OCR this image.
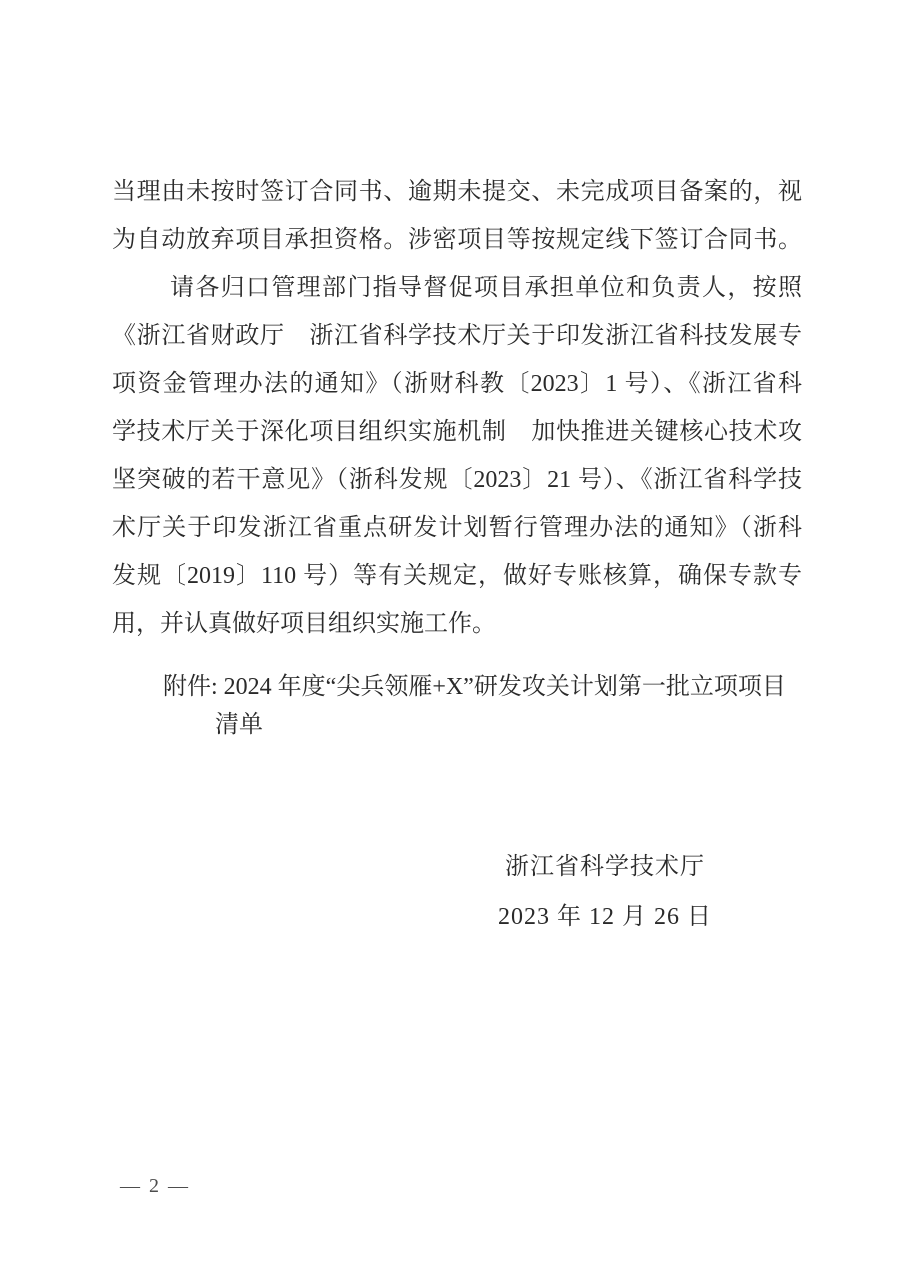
当理由未按时签订合同书、逾期未提交、未完成项目备案的，视
为自动放弃项目承担资格。涉密项目等按规定线下签订合同书。
请各归口管理部门指导督促项目承担单位和负责人，按照
《浙江省财政厅　浙江省科学技术厅关于印发浙江省科技发展专
项资金管理办法的通知》（浙财科教〔2023〕1 号）、《浙江省科
学技术厅关于深化项目组织实施机制　加快推进关键核心技术攻
坚突破的若干意见》（浙科发规〔2023〕21 号）、《浙江省科学技
术厅关于印发浙江省重点研发计划暂行管理办法的通知》（浙科
发规〔2019〕110 号）等有关规定，做好专账核算，确保专款专
用，并认真做好项目组织实施工作。
附件: 2024 年度“尖兵领雁+X”研发攻关计划第一批立项项目
清单
浙江省科学技术厅
2023 年 12 月 26 日
— 2 —
